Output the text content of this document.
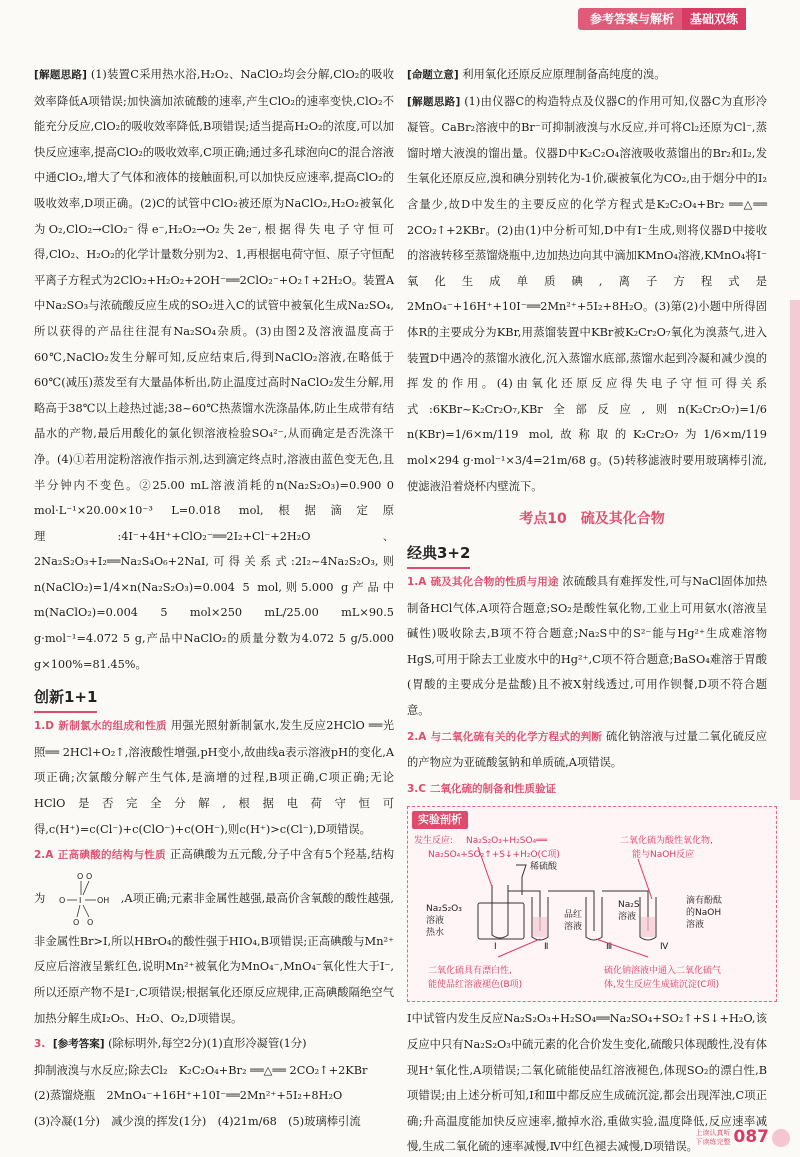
参考答案与解析	基础双练

[ 解题思路 ] (1)装置C采用热水浴,H₂O₂、NaClO₂均会分解,ClO₂的吸收效率降低A项错误;加快滴加浓硫酸的速率,产生ClO₂的速率变快,ClO₂不能充分反应,ClO₂的吸收效率降低,B项错误;适当提高H₂O₂的浓度,可以加快反应速率,提高ClO₂的吸收效率,C项正确;通过多孔球泡向C的混合溶液中通ClO₂,增大了气体和液体的接触面积,可以加快反应速率,提高ClO₂的吸收效率,D项正确。(2)C的试管中ClO₂被还原为NaClO₂,H₂O₂被氧化为O₂,ClO₂→ClO₂⁻得e⁻,H₂O₂→O₂失2e⁻,根据得失电子守恒可得,ClO₂、H₂O₂的化学计量数分别为2、1,再根据电荷守恒、原子守恒配平离子方程式为2ClO₂+H₂O₂+2OH⁻══2ClO₂⁻+O₂↑+2H₂O。装置A中Na₂SO₃与浓硫酸反应生成的SO₂进入C的试管中被氧化生成Na₂SO₄,所以获得的产品往往混有Na₂SO₄杂质。(3)由图2及溶液温度高于60℃,NaClO₂发生分解可知,反应结束后,得到NaClO₂溶液,在略低于60℃(减压)蒸发至有大量晶体析出,防止温度过高时NaClO₂发生分解,用略高于38℃以上趁热过滤;38~60℃热蒸馏水洗涤晶体,防止生成带有结晶水的产物,最后用酸化的氯化钡溶液检验SO₄²⁻,从而确定是否洗涤干净。(4)①若用淀粉溶液作指示剂,达到滴定终点时,溶液由蓝色变无色,且半分钟内不变色。②25.00 mL溶液消耗的n(Na₂S₂O₃)=0.900 0 mol·L⁻¹×20.00×10⁻³ L=0.018 mol,根据滴定原理:4I⁻+4H⁺+ClO₂⁻══2I₂+Cl⁻+2H₂O、2Na₂S₂O₃+I₂══Na₂S₄O₆+2NaI,可得关系式:2I₂~4Na₂S₂O₃,则n(NaClO₂)=1/4×n(Na₂S₂O₃)=0.004 5 mol,则5.000 g产品中m(NaClO₂)=0.004 5 mol×250 mL/25.00 mL×90.5 g·mol⁻¹=4.072 5 g,产品中NaClO₂的质量分数为4.072 5 g/5.000 g×100%=81.45%。

创新1+1

1.D 新制氯水的组成和性质 用强光照射新制氯水,发生反应2HClO ══光照══ 2HCl+O₂↑,溶液酸性增强,pH变小,故曲线a表示溶液pH的变化,A项正确;次氯酸分解产生气体,是滴增的过程,B项正确,C项正确;无论HClO是否完全分解,根据电荷守恒可得,c(H⁺)=c(Cl⁻)+c(ClO⁻)+c(OH⁻),则c(H⁺)>c(Cl⁻),D项错误。

2.A 正高碘酸的结构与性质 正高碘酸为五元酸,分子中含有5个羟基,结构为
O O
I
O	OH
O O
,A项正确;元素非金属性越强,最高价含氧酸的酸性越强,非金属性Br>I,所以HBrO₄的酸性强于HIO₄,B项错误;正高碘酸与Mn²⁺反应后溶液呈紫红色,说明Mn²⁺被氧化为MnO₄⁻,MnO₄⁻氧化性大于I⁻,所以还原产物不是I⁻,C项错误;根据氧化还原反应规律,正高碘酸隔绝空气加热分解生成I₂O₅、H₂O、O₂,D项错误。

3. [ 参考答案 ] (除标明外,每空2分)(1)直形冷凝管(1分)
抑制液溴与水反应;除去Cl₂　K₂C₂O₄+Br₂ ══△══ 2CO₂↑+2KBr
(2)蒸馏烧瓶　2MnO₄⁻+16H⁺+10I⁻══2Mn²⁺+5I₂+8H₂O
(3)冷凝(1分)　减少溴的挥发(1分)　(4)21m/68　(5)玻璃棒引流

[ 命题立意 ] 利用氧化还原反应原理制备高纯度的溴。

[ 解题思路 ] (1)由仪器C的构造特点及仪器C的作用可知,仪器C为直形冷凝管。CaBr₂溶液中的Br⁻可抑制液溴与水反应,并可将Cl₂还原为Cl⁻,蒸馏时增大液溴的馏出量。仪器D中K₂C₂O₄溶液吸收蒸馏出的Br₂和I₂,发生氧化还原反应,溴和碘分别转化为-1价,碳被氧化为CO₂,由于烟分中的I₂含量少,故D中发生的主要反应的化学方程式是K₂C₂O₄+Br₂ ══△══ 2CO₂↑+2KBr。(2)由(1)中分析可知,D中有I⁻生成,则将仪器D中接收的溶液转移至蒸馏烧瓶中,边加热边向其中滴加KMnO₄溶液,KMnO₄将I⁻氧化生成单质碘,离子方程式是2MnO₄⁻+16H⁺+10I⁻══2Mn²⁺+5I₂+8H₂O。(3)第(2)小题中所得固体R的主要成分为KBr,用蒸馏装置中KBr被K₂Cr₂O₇氧化为溴蒸气,进入装置D中遇冷的蒸馏水液化,沉入蒸馏水底部,蒸馏水起到冷凝和减少溴的挥发的作用。(4)由氧化还原反应得失电子守恒可得关系式:6KBr~K₂Cr₂O₇,KBr全部反应,则n(K₂Cr₂O₇)=1/6 n(KBr)=1/6×m/119 mol,故称取的K₂Cr₂O₇为1/6×m/119 mol×294 g·mol⁻¹×3/4=21m/68 g。(5)转移滤液时要用玻璃棒引流,使滤液沿着烧杯内壁流下。

考点10　硫及其化合物
经典3+2

1.A 硫及其化合物的性质与用途 浓硫酸具有难挥发性,可与NaCl固体加热制备HCl气体,A项符合题意;SO₂是酸性氧化物,工业上可用氨水(溶液呈碱性)吸收除去,B项不符合题意;Na₂S中的S²⁻能与Hg²⁺生成难溶物HgS,可用于除去工业废水中的Hg²⁺,C项不符合题意;BaSO₄难溶于胃酸(胃酸的主要成分是盐酸)且不被X射线透过,可用作钡餐,D项不符合题意。

2.A 与二氧化硫有关的化学方程式的判断 硫化钠溶液与过量二氧化硫反应的产物应为亚硫酸氢钠和单质硫,A项错误。

3.C 二氧化硫的制备和性质验证

发生反应: Na₂S₂O₃+H₂SO₄══
Na₂SO₄+SO₂↑+S↓+H₂O(C项)
稀硫酸
Na₂S₂O₃
溶液
热水
品红
溶液
Na₂S
溶液
滴有酚酞
的NaOH
溶液
Ⅰ	Ⅱ	Ⅲ	Ⅳ
二氧化硫为酸性氧化物,
能与NaOH反应
二氧化硫具有漂白性,
能使品红溶液褪色(B项)
硫化钠溶液中通入二氧化硫气
体,发生反应生成硫沉淀(C项)
实验剖析

Ⅰ中试管内发生反应Na₂S₂O₃+H₂SO₄══Na₂SO₄+SO₂↑+S↓+H₂O,该反应中只有Na₂S₂O₃中硫元素的化合价发生变化,硫酸只体现酸性,没有体现H⁺氧化性,A项错误;二氧化硫能使品红溶液褪色,体现SO₂的漂白性,B项错误;由上述分析可知,Ⅰ和Ⅲ中都反应生成硫沉淀,都会出现浑浊,C项正确;升高温度能加快反应速率,撤掉水浴,重做实验,温度降低,反应速率减慢,生成二氧化硫的速率减慢,Ⅳ中红色褪去减慢,D项错误。

上读认真听
下读练完整 087
